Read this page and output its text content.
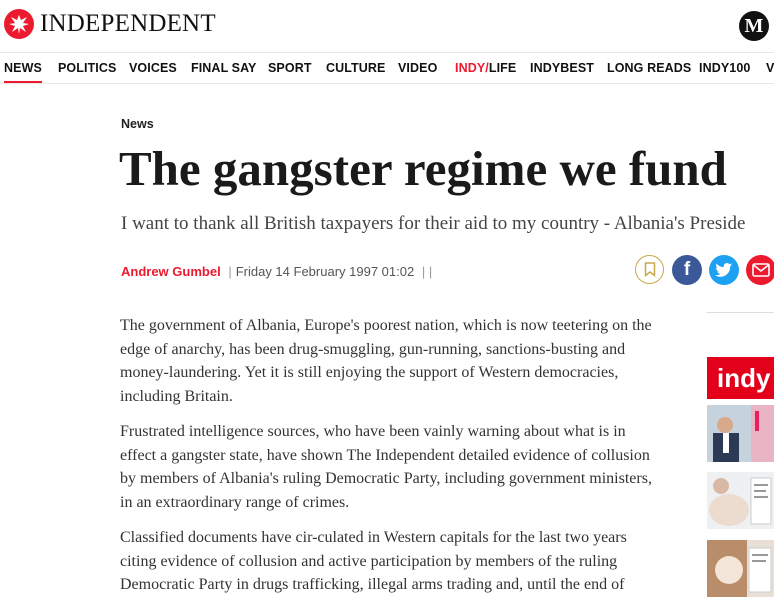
INDEPENDENT	M
NEWS POLITICS VOICES FINAL SAY SPORT CULTURE VIDEO INDY/LIFE INDYBEST LONG READS INDY100 V
News
The gangster regime we fund
I want to thank all British taxpayers for their aid to my country - Albania's Preside
Andrew Gumbel | Friday 14 February 1997 01:02 | |	f

The government of Albania, Europe's poorest nation, which is now teetering on the edge of anarchy, has been drug-smuggling, gun-running, sanctions-busting and money-laundering. Yet it is still enjoying the support of Western democracies, including Britain.

Frustrated intelligence sources, who have been vainly warning about what is in effect a gangster state, have shown The Independent detailed evidence of collusion by members of Albania's ruling Democratic Party, including government ministers, in an extraordinary range of crimes.

Classified documents have cir-culated in Western capitals for the last two years citing evidence of collusion and active participation by members of the ruling Democratic Party in drugs trafficking, illegal arms trading and, until the end of

indy
